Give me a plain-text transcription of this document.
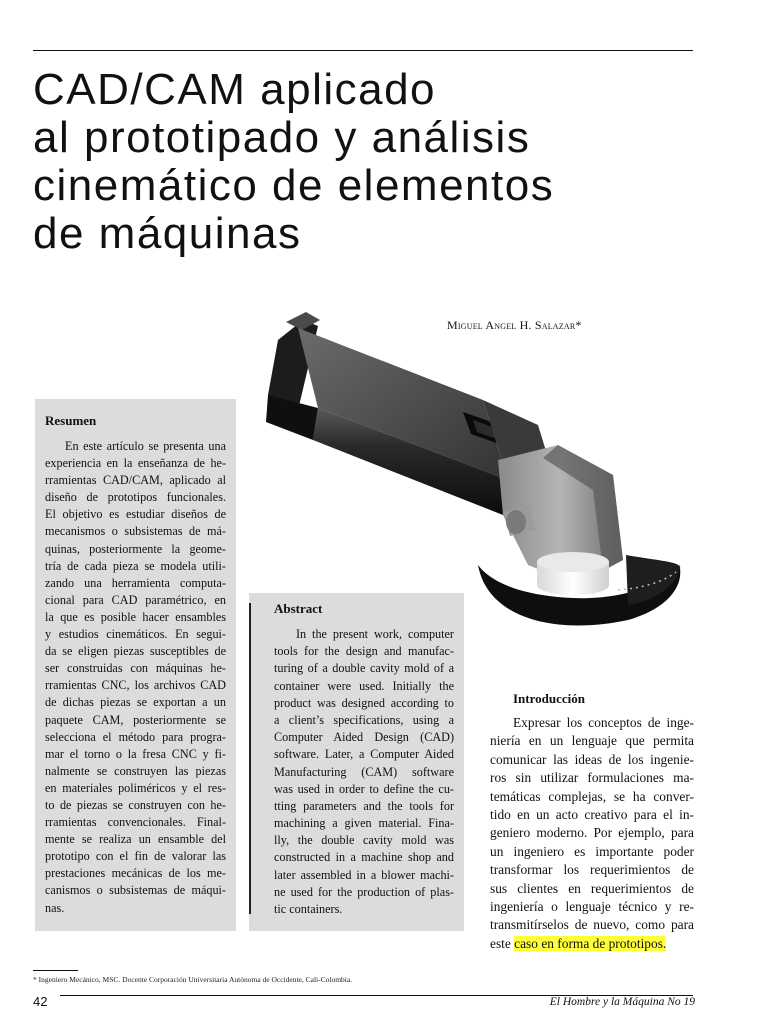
CAD/CAM aplicado
al prototipado y análisis
cinemático de elementos
de máquinas
Miguel Angel H. Salazar*
Resumen
En este artículo se presenta una
experiencia en la enseñanza de he-
rramientas CAD/CAM, aplicado al
diseño de prototipos funcionales.
El objetivo es estudiar diseños de
mecanismos o subsistemas de má-
quinas, posteriormente la geome-
tría de cada pieza se modela utili-
zando una herramienta computa-
cional para CAD paramétrico, en
la que es posible hacer ensambles
y estudios cinemáticos. En segui-
da se eligen piezas susceptibles de
ser construidas con máquinas he-
rramientas CNC, los archivos CAD
de dichas piezas se exportan a un
paquete CAM, posteriormente se
selecciona el método para progra-
mar el torno o la fresa CNC y fi-
nalmente se construyen las piezas
en materiales poliméricos y el res-
to de piezas se construyen con he-
rramientas convencionales. Final-
mente se realiza un ensamble del
prototipo con el fin de valorar las
prestaciones mecánicas de los me-
canismos o subsistemas de máqui-
nas.
Abstract
In the present work, computer
tools for the design and manufac-
turing of a double cavity mold of a
container were used. Initially the
product was designed according to
a client’s specifications, using a
Computer Aided Design (CAD)
software. Later, a Computer Aided
Manufacturing (CAM) software
was used in order to define the cu-
tting parameters and the tools for
machining a given material. Fina-
lly, the double cavity mold was
constructed in a machine shop and
later assembled in a blower machi-
ne used for the production of plas-
tic containers.
Introducción
Expresar los conceptos de inge-
niería en un lenguaje que permita
comunicar las ideas de los ingenie-
ros sin utilizar formulaciones ma-
temáticas complejas, se ha conver-
tido en un acto creativo para el in-
geniero moderno. Por ejemplo, para
un ingeniero es importante poder
transformar los requerimientos de
sus clientes en requerimientos de
ingeniería o lenguaje técnico y re-
transmitírselos de nuevo, como para
este caso en forma de prototipos.
* Ingeniero Mecánico, MSC. Docente Corporación Universitaria Autónoma de Occidente, Cali-Colombia.
42	El Hombre y la Máquina No 19
